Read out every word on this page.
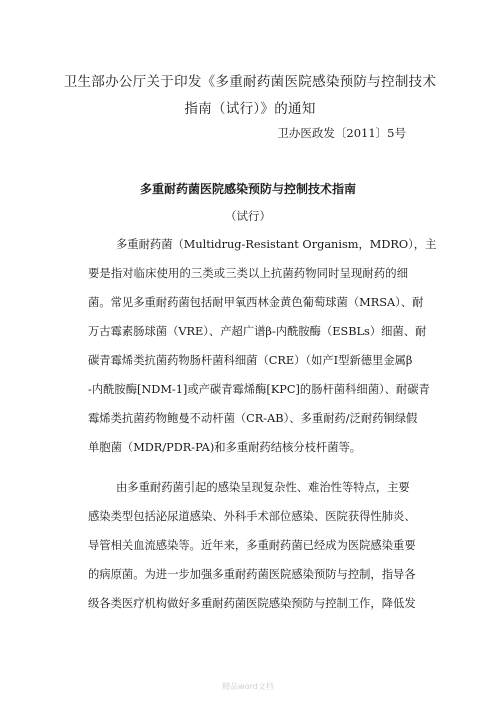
卫生部办公厅关于印发《多重耐药菌医院感染预防与控制技术
指南（试行）》的通知
卫办医政发〔2011〕5号
多重耐药菌医院感染预防与控制技术指南
（试行）
多重耐药菌（Multidrug-Resistant Organism，MDRO），主
要是指对临床使用的三类或三类以上抗菌药物同时呈现耐药的细
菌。常见多重耐药菌包括耐甲氧西林金黄色葡萄球菌（MRSA）、耐
万古霉素肠球菌（VRE）、产超广谱β-内酰胺酶（ESBLs）细菌、耐
碳青霉烯类抗菌药物肠杆菌科细菌（CRE）（如产Ⅰ型新德里金属β
-内酰胺酶[NDM-1]或产碳青霉烯酶[KPC]的肠杆菌科细菌）、耐碳青
霉烯类抗菌药物鲍曼不动杆菌（CR-AB）、多重耐药/泛耐药铜绿假
单胞菌（MDR/PDR-PA)和多重耐药结核分枝杆菌等。
由多重耐药菌引起的感染呈现复杂性、难治性等特点，主要
感染类型包括泌尿道感染、外科手术部位感染、医院获得性肺炎、
导管相关血流感染等。近年来，多重耐药菌已经成为医院感染重要
的病原菌。为进一步加强多重耐药菌医院感染预防与控制，指导各
级各类医疗机构做好多重耐药菌医院感染预防与控制工作，降低发
精品word文档
